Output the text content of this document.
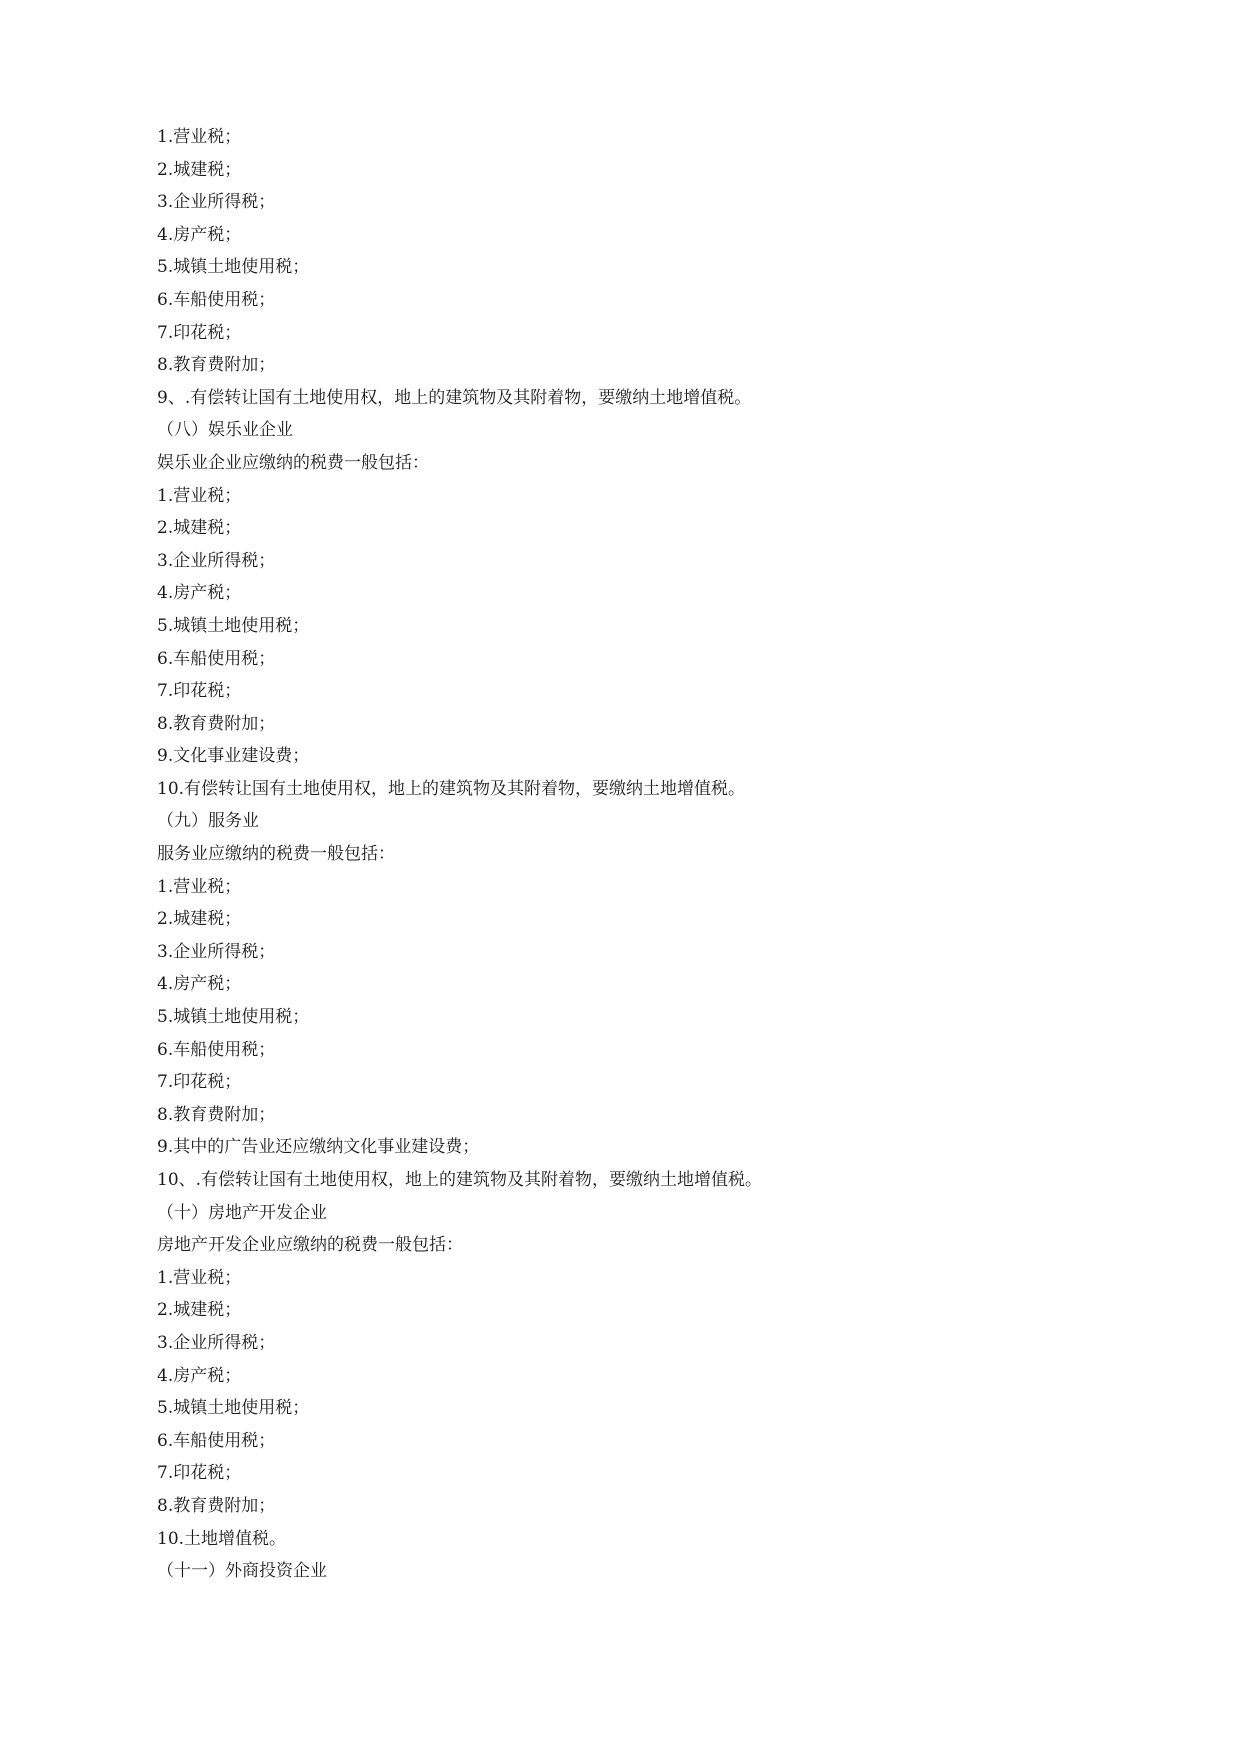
1.营业税；
2.城建税；
3.企业所得税；
4.房产税；
5.城镇土地使用税；
6.车船使用税；
7.印花税；
8.教育费附加；
9、.有偿转让国有土地使用权，地上的建筑物及其附着物，要缴纳土地增值税。
（八）娱乐业企业
娱乐业企业应缴纳的税费一般包括：
1.营业税；
2.城建税；
3.企业所得税；
4.房产税；
5.城镇土地使用税；
6.车船使用税；
7.印花税；
8.教育费附加；
9.文化事业建设费；
10.有偿转让国有土地使用权，地上的建筑物及其附着物，要缴纳土地增值税。
（九）服务业
服务业应缴纳的税费一般包括：
1.营业税；
2.城建税；
3.企业所得税；
4.房产税；
5.城镇土地使用税；
6.车船使用税；
7.印花税；
8.教育费附加；
9.其中的广告业还应缴纳文化事业建设费；
10、.有偿转让国有土地使用权，地上的建筑物及其附着物，要缴纳土地增值税。
（十）房地产开发企业
房地产开发企业应缴纳的税费一般包括：
1.营业税；
2.城建税；
3.企业所得税；
4.房产税；
5.城镇土地使用税；
6.车船使用税；
7.印花税；
8.教育费附加；
10.土地增值税。
（十一）外商投资企业
